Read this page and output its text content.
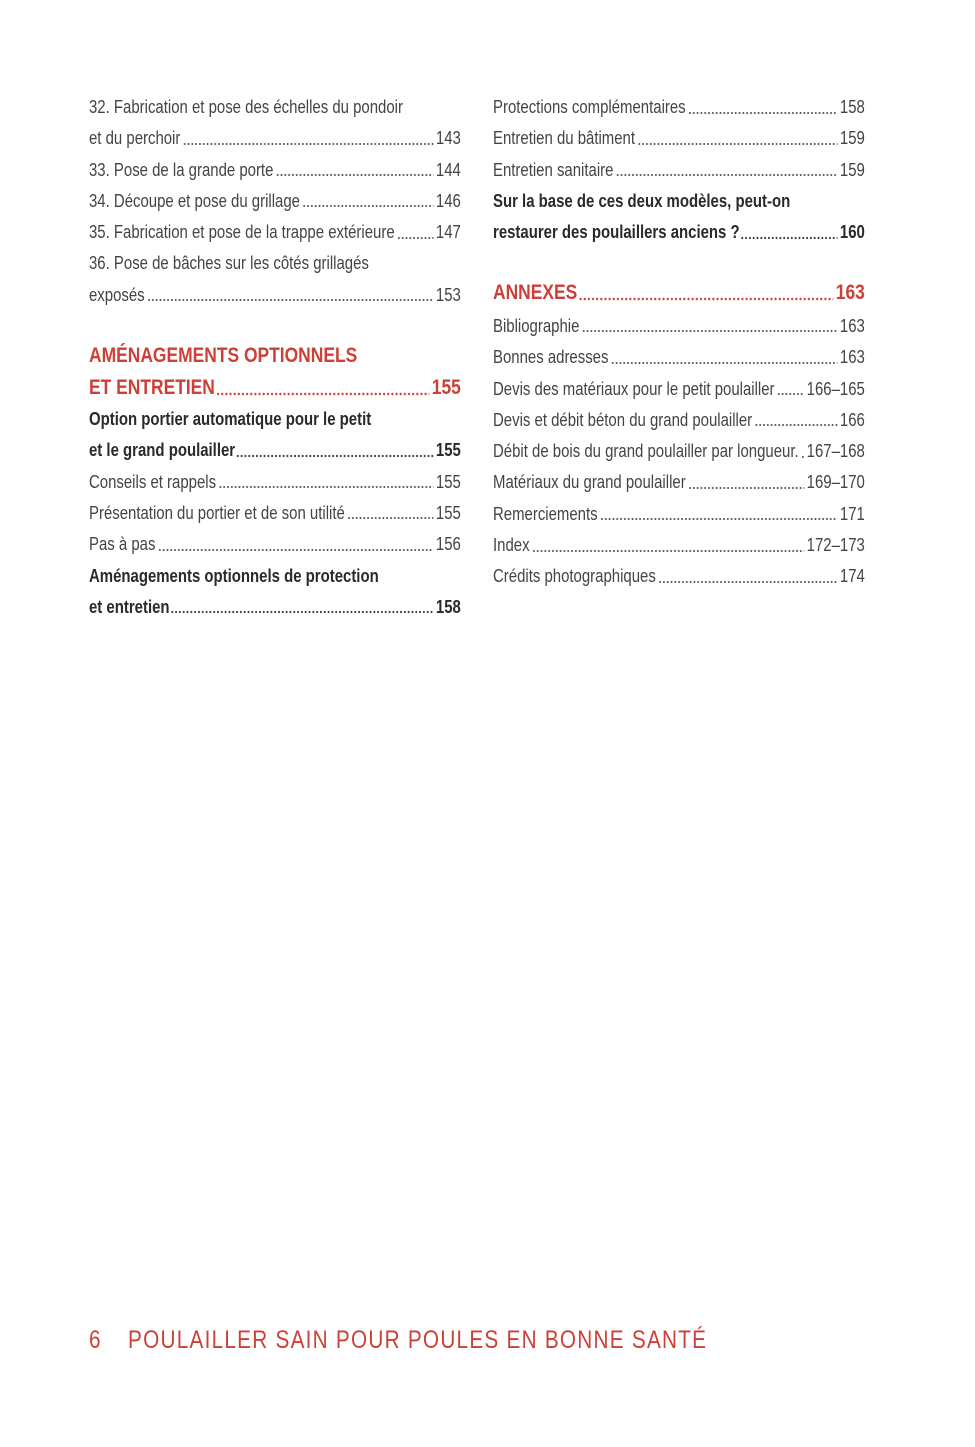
32. Fabrication et pose des échelles du pondoir
et du perchoir	143
33. Pose de la grande porte	144
34. Découpe et pose du grillage	146
35. Fabrication et pose de la trappe extérieure 147
36. Pose de bâches sur les côtés grillagés
exposés	153
AMÉNAGEMENTS OPTIONNELS
ET ENTRETIEN	155
Option portier automatique pour le petit
et le grand poulailler	155
Conseils et rappels	155
Présentation du portier et de son utilité	155
Pas à pas	156
Aménagements optionnels de protection
et entretien	158
Protections complémentaires	158
Entretien du bâtiment	159
Entretien sanitaire	159
Sur la base de ces deux modèles, peut-on
restaurer des poulaillers anciens ?	160
ANNEXES	163
Bibliographie	163
Bonnes adresses	163
Devis des matériaux pour le petit poulailler 166–165
Devis et débit béton du grand poulailler	166
Débit de bois du grand poulailler par longueur. 167–168
Matériaux du grand poulailler	169–170
Remerciements	171
Index	172–173
Crédits photographiques	174
6 POULAILLER SAIN POUR POULES EN BONNE SANTÉ
